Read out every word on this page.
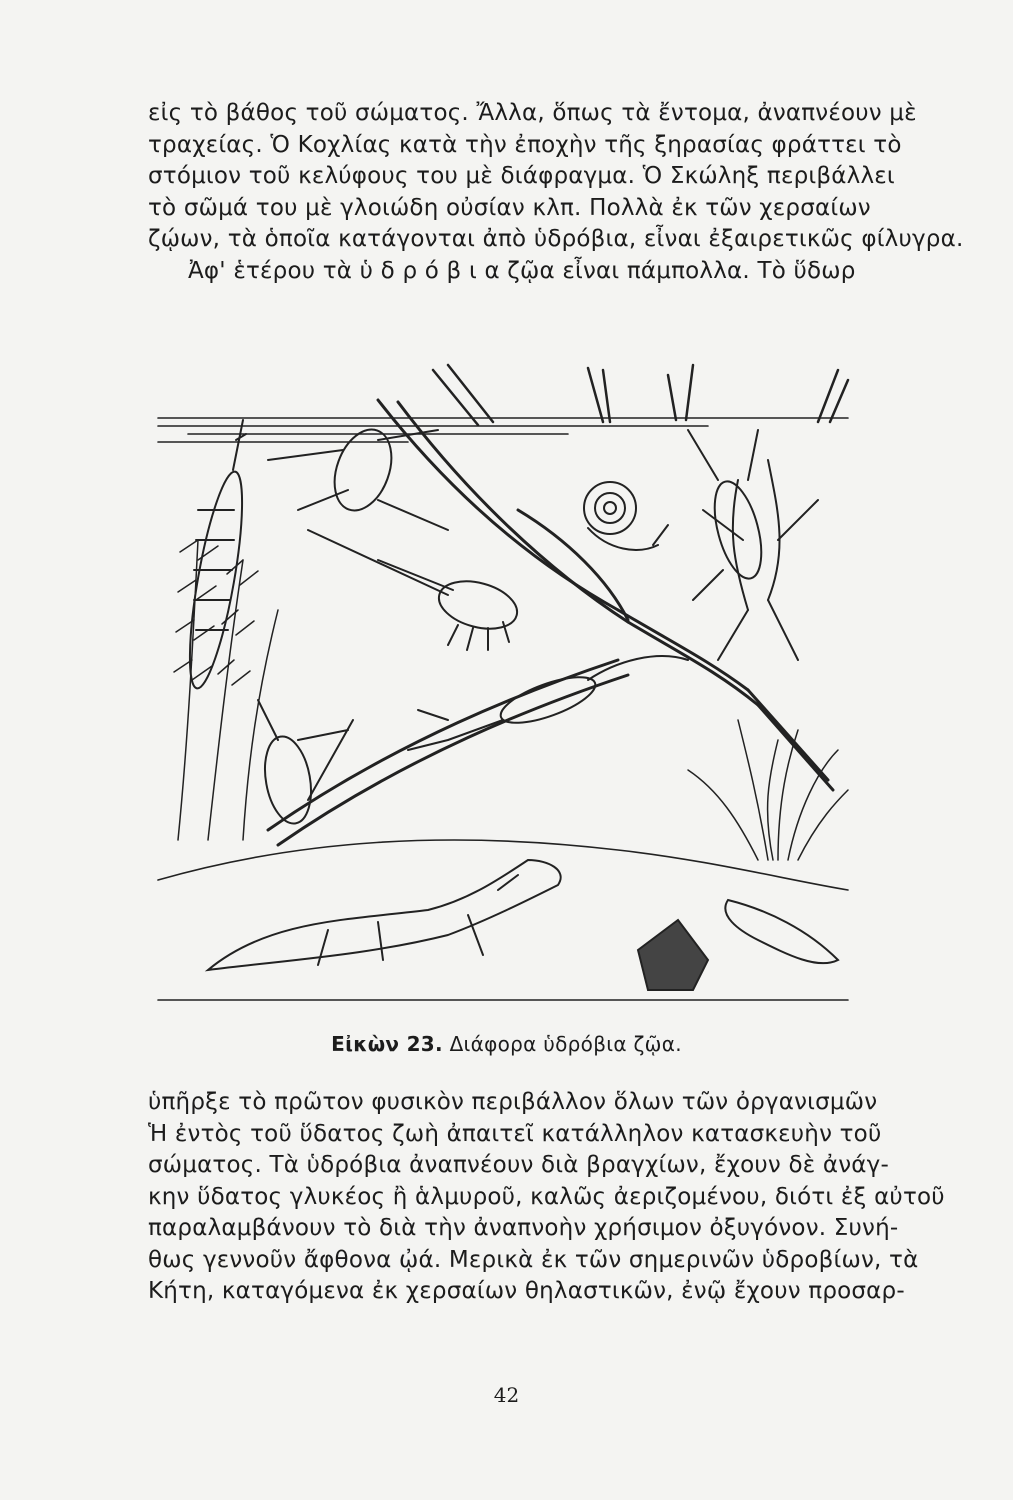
εἰς τὸ βάθος τοῦ σώματος. Ἄλλα, ὅπως τὰ ἔντομα, ἀναπνέουν μὲ
τραχείας. Ὁ Κοχλίας κατὰ τὴν ἐποχὴν τῆς ξηρασίας φράττει τὸ
στόμιον τοῦ κελύφους του μὲ διάφραγμα. Ὁ Σκώληξ περιβάλλει
τὸ σῶμά του μὲ γλοιώδη οὐσίαν κλπ. Πολλὰ ἐκ τῶν χερσαίων
ζῴων, τὰ ὁποῖα κατάγονται ἀπὸ ὑδρόβια, εἶναι ἐξαιρετικῶς φίλυγρα.
Ἀφ' ἑτέρου τὰ ὑ δ ρ ό β ι α ζῷα εἶναι πάμπολλα. Τὸ ὕδωρ

Εἰκὼν 23. Διάφορα ὑδρόβια ζῷα.

ὑπῆρξε τὸ πρῶτον φυσικὸν περιβάλλον ὅλων τῶν ὀργανισμῶν
Ἡ ἐντὸς τοῦ ὕδατος ζωὴ ἀπαιτεῖ κατάλληλον κατασκευὴν τοῦ
σώματος. Τὰ ὑδρόβια ἀναπνέουν διὰ βραγχίων, ἔχουν δὲ ἀνάγ-
κην ὕδατος γλυκέος ἢ ἁλμυροῦ, καλῶς ἀεριζομένου, διότι ἐξ αὐτοῦ
παραλαμβάνουν τὸ διὰ τὴν ἀναπνοὴν χρήσιμον ὀξυγόνον. Συνή-
θως γεννοῦν ἄφθονα ᾠά. Μερικὰ ἐκ τῶν σημερινῶν ὑδροβίων, τὰ
Κήτη, καταγόμενα ἐκ χερσαίων θηλαστικῶν, ἐνῷ ἔχουν προσαρ-

42
